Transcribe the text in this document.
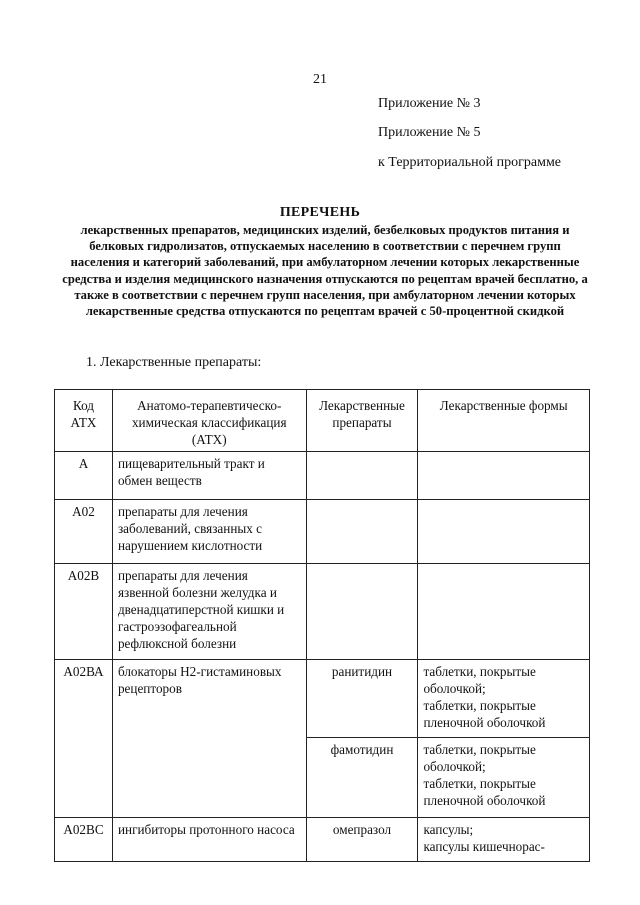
21
Приложение № 3
Приложение № 5
к Территориальной программе
ПЕРЕЧЕНЬ
лекарственных препаратов, медицинских изделий, безбелковых продуктов питания и белковых гидролизатов, отпускаемых населению в соответствии с перечнем групп населения и категорий заболеваний, при амбулаторном лечении которых лекарственные средства и изделия медицинского назначения отпускаются по рецептам врачей бесплатно, а также в соответствии с перечнем групп населения, при амбулаторном лечении которых лекарственные средства отпускаются по рецептам врачей с 50-процентной скидкой
1. Лекарственные препараты:
Код АТХ	Анатомо-терапевтическо-химическая классификация (АТХ)	Лекарственные препараты	Лекарственные формы
А	пищеварительный тракт и обмен веществ		
А02	препараты для лечения заболеваний, связанных с нарушением кислотности		
А02В	препараты для лечения язвенной болезни желудка и двенадцатиперстной кишки и гастроэзофагеальной рефлюксной болезни		
А02ВА	блокаторы Н2-гистаминовых рецепторов	ранитидин	таблетки, покрытые оболочкой;
таблетки, покрытые пленочной оболочкой

		фамотидин	таблетки, покрытые оболочкой;
таблетки, покрытые пленочной оболочкой

А02ВС	ингибиторы протонного насоса	омепразол	капсулы;
капсулы кишечнорас-
